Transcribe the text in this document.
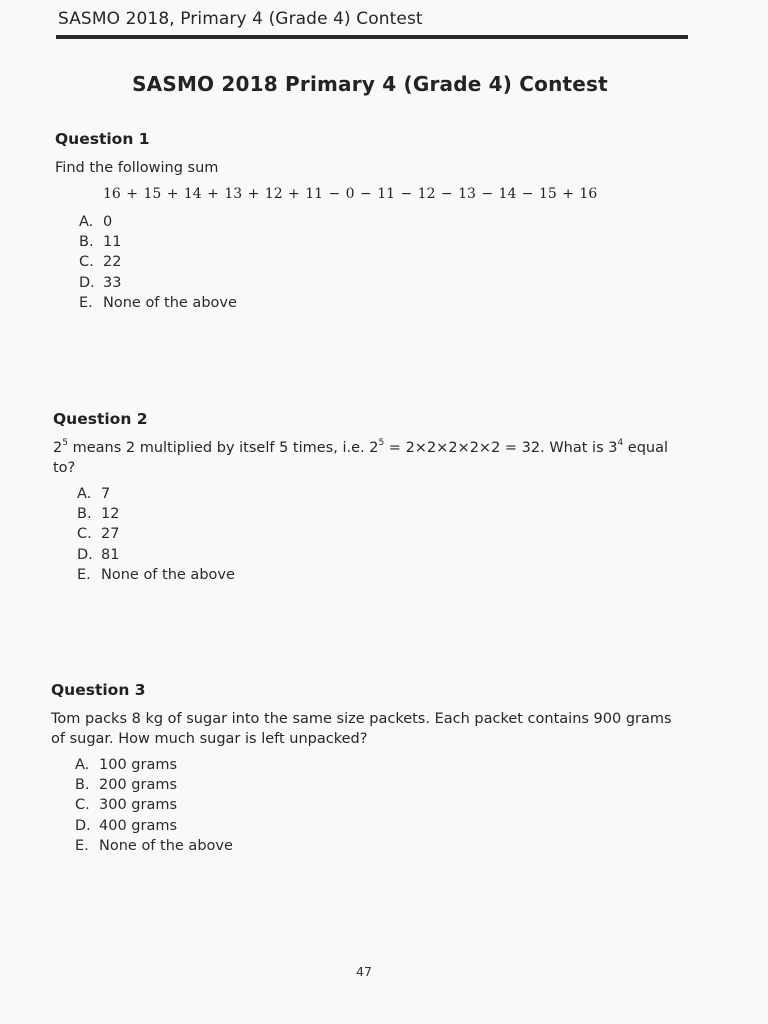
SASMO 2018, Primary 4 (Grade 4) Contest
SASMO 2018 Primary 4 (Grade 4) Contest
Question 1

Find the following sum

16 + 15 + 14 + 13 + 12 + 11 − 0 − 11 − 12 − 13 − 14 − 15 + 16
A. 0
B. 11
C. 22
D. 33
E. None of the above
Question 2

$2^5$ means 2 multiplied by itself 5 times, i.e. $2^5 = 2\times 2\times 2\times 2\times 2 = 32$. What is $3^4$ equal to?

A. 7
B. 12
C. 27
D. 81
E. None of the above
Question 3

Tom packs 8 kg of sugar into the same size packets. Each packet contains 900 grams of sugar. How much sugar is left unpacked?

A. 100 grams
B. 200 grams
C. 300 grams
D. 400 grams
E. None of the above
47
